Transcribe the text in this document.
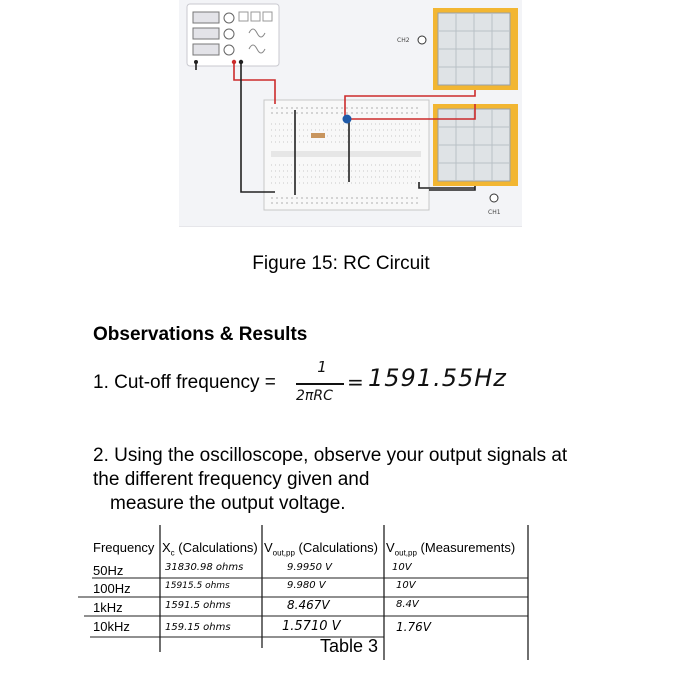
CH2
CH1
Figure 15: RC Circuit
Observations & Results
1. Cut-off frequency =
1
2πRC
= 1591.55Hz
2. Using the oscilloscope, observe your output signals at
the different frequency given and
measure the output voltage.
Frequency $X_c$ (Calculations) $V_{out,pp}$ (Calculations) $V_{out,pp}$ (Measurements)
50Hz	31830.98 ohms	9.9950 V	10V
100Hz	15915.5 ohms	9.980 V	10V
1kHz	1591.5 ohms	8.467V	8.4V
10kHz	159.15 ohms	1.5710 V	1.76V
Table 3
